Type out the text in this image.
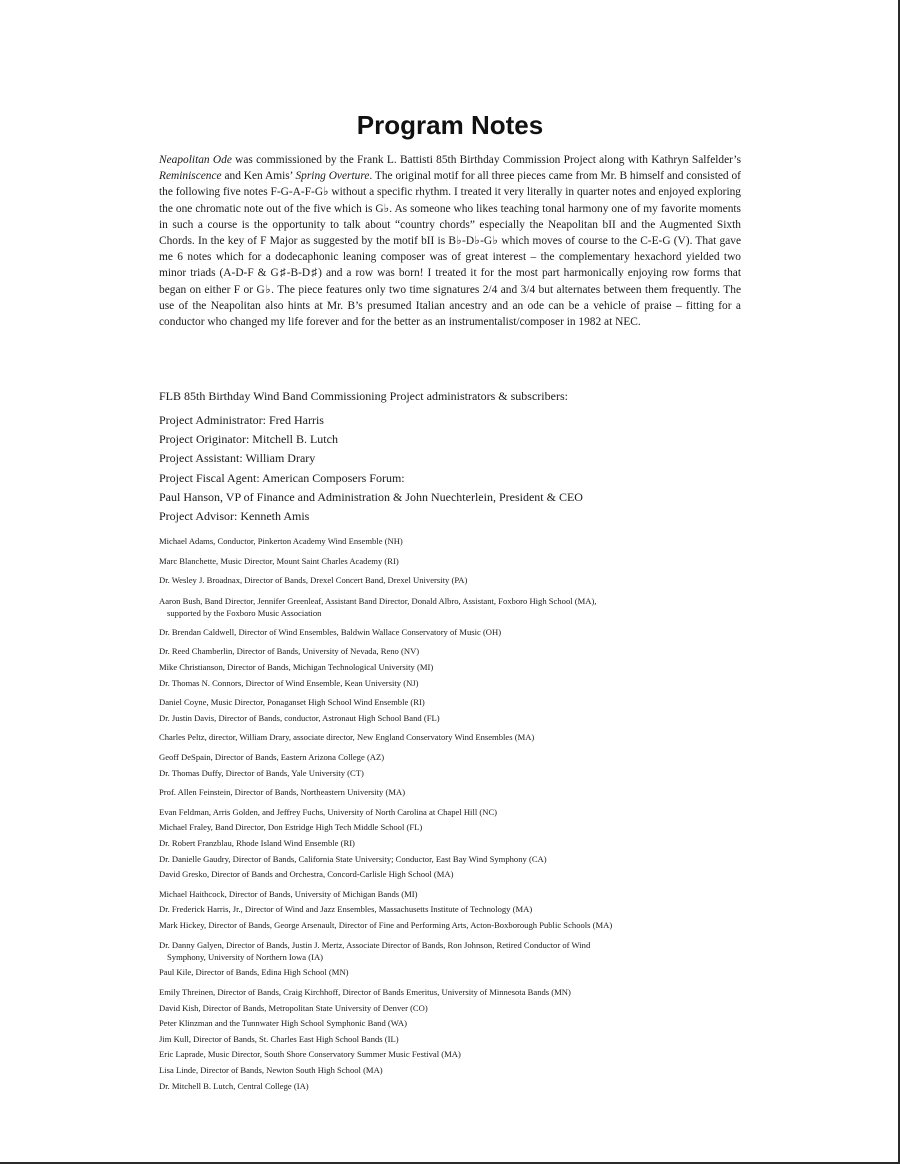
Program Notes

Neapolitan Ode was commissioned by the Frank L. Battisti 85th Birthday Commission Project along with Kathryn Salfelder’s Reminiscence and Ken Amis’ Spring Overture. The original motif for all three pieces came from Mr. B himself and consisted of the following five notes F-G-A-F-G♭ without a specific rhythm. I treated it very literally in quarter notes and enjoyed exploring the one chromatic note out of the five which is G♭. As someone who likes teaching tonal harmony one of my favorite moments in such a course is the opportunity to talk about “country chords” especially the Neapolitan bII and the Augmented Sixth Chords. In the key of F Major as suggested by the motif bII is B♭-D♭-G♭ which moves of course to the C-E-G (V). That gave me 6 notes which for a dodecaphonic leaning composer was of great interest – the complementary hexachord yielded two minor triads (A-D-F & G♯-B-D♯) and a row was born! I treated it for the most part harmonically enjoying row forms that began on either F or G♭. The piece features only two time signatures 2/4 and 3/4 but alternates between them frequently. The use of the Neapolitan also hints at Mr. B’s presumed Italian ancestry and an ode can be a vehicle of praise – fitting for a conductor who changed my life forever and for the better as an instrumentalist/composer in 1982 at NEC.

FLB 85th Birthday Wind Band Commissioning Project administrators & subscribers:

Project Administrator: Fred Harris
Project Originator: Mitchell B. Lutch
Project Assistant: William Drary
Project Fiscal Agent: American Composers Forum:
Paul Hanson, VP of Finance and Administration & John Nuechterlein, President & CEO
Project Advisor: Kenneth Amis
Michael Adams, Conductor, Pinkerton Academy Wind Ensemble (NH)
Marc Blanchette, Music Director, Mount Saint Charles Academy (RI)
Dr. Wesley J. Broadnax, Director of Bands, Drexel Concert Band, Drexel University (PA)
Aaron Bush, Band Director, Jennifer Greenleaf, Assistant Band Director, Donald Albro, Assistant, Foxboro High School (MA),
supported by the Foxboro Music Association
Dr. Brendan Caldwell, Director of Wind Ensembles, Baldwin Wallace Conservatory of Music (OH)
Dr. Reed Chamberlin, Director of Bands, University of Nevada, Reno (NV)
Mike Christianson, Director of Bands, Michigan Technological University (MI)
Dr. Thomas N. Connors, Director of Wind Ensemble, Kean University (NJ)
Daniel Coyne, Music Director, Ponaganset High School Wind Ensemble (RI)
Dr. Justin Davis, Director of Bands, conductor, Astronaut High School Band (FL)
Charles Peltz, director, William Drary, associate director, New England Conservatory Wind Ensembles (MA)
Geoff DeSpain, Director of Bands, Eastern Arizona College (AZ)
Dr. Thomas Duffy, Director of Bands, Yale University (CT)
Prof. Allen Feinstein, Director of Bands, Northeastern University (MA)
Evan Feldman, Arris Golden, and Jeffrey Fuchs, University of North Carolina at Chapel Hill (NC)
Michael Fraley, Band Director, Don Estridge High Tech Middle School (FL)
Dr. Robert Franzblau, Rhode Island Wind Ensemble (RI)
Dr. Danielle Gaudry, Director of Bands, California State University; Conductor, East Bay Wind Symphony (CA)
David Gresko, Director of Bands and Orchestra, Concord-Carlisle High School (MA)
Michael Haithcock, Director of Bands, University of Michigan Bands (MI)
Dr. Frederick Harris, Jr., Director of Wind and Jazz Ensembles, Massachusetts Institute of Technology (MA)
Mark Hickey, Director of Bands, George Arsenault, Director of Fine and Performing Arts, Acton-Boxborough Public Schools (MA)
Dr. Danny Galyen, Director of Bands, Justin J. Mertz, Associate Director of Bands, Ron Johnson, Retired Conductor of Wind
Symphony, University of Northern Iowa (IA)
Paul Kile, Director of Bands, Edina High School (MN)
Emily Threinen, Director of Bands, Craig Kirchhoff, Director of Bands Emeritus, University of Minnesota Bands (MN)
David Kish, Director of Bands, Metropolitan State University of Denver (CO)
Peter Klinzman and the Tunnwater High School Symphonic Band (WA)
Jim Kull, Director of Bands, St. Charles East High School Bands (IL)
Eric Laprade, Music Director, South Shore Conservatory Summer Music Festival (MA)
Lisa Linde, Director of Bands, Newton South High School (MA)
Dr. Mitchell B. Lutch, Central College (IA)
